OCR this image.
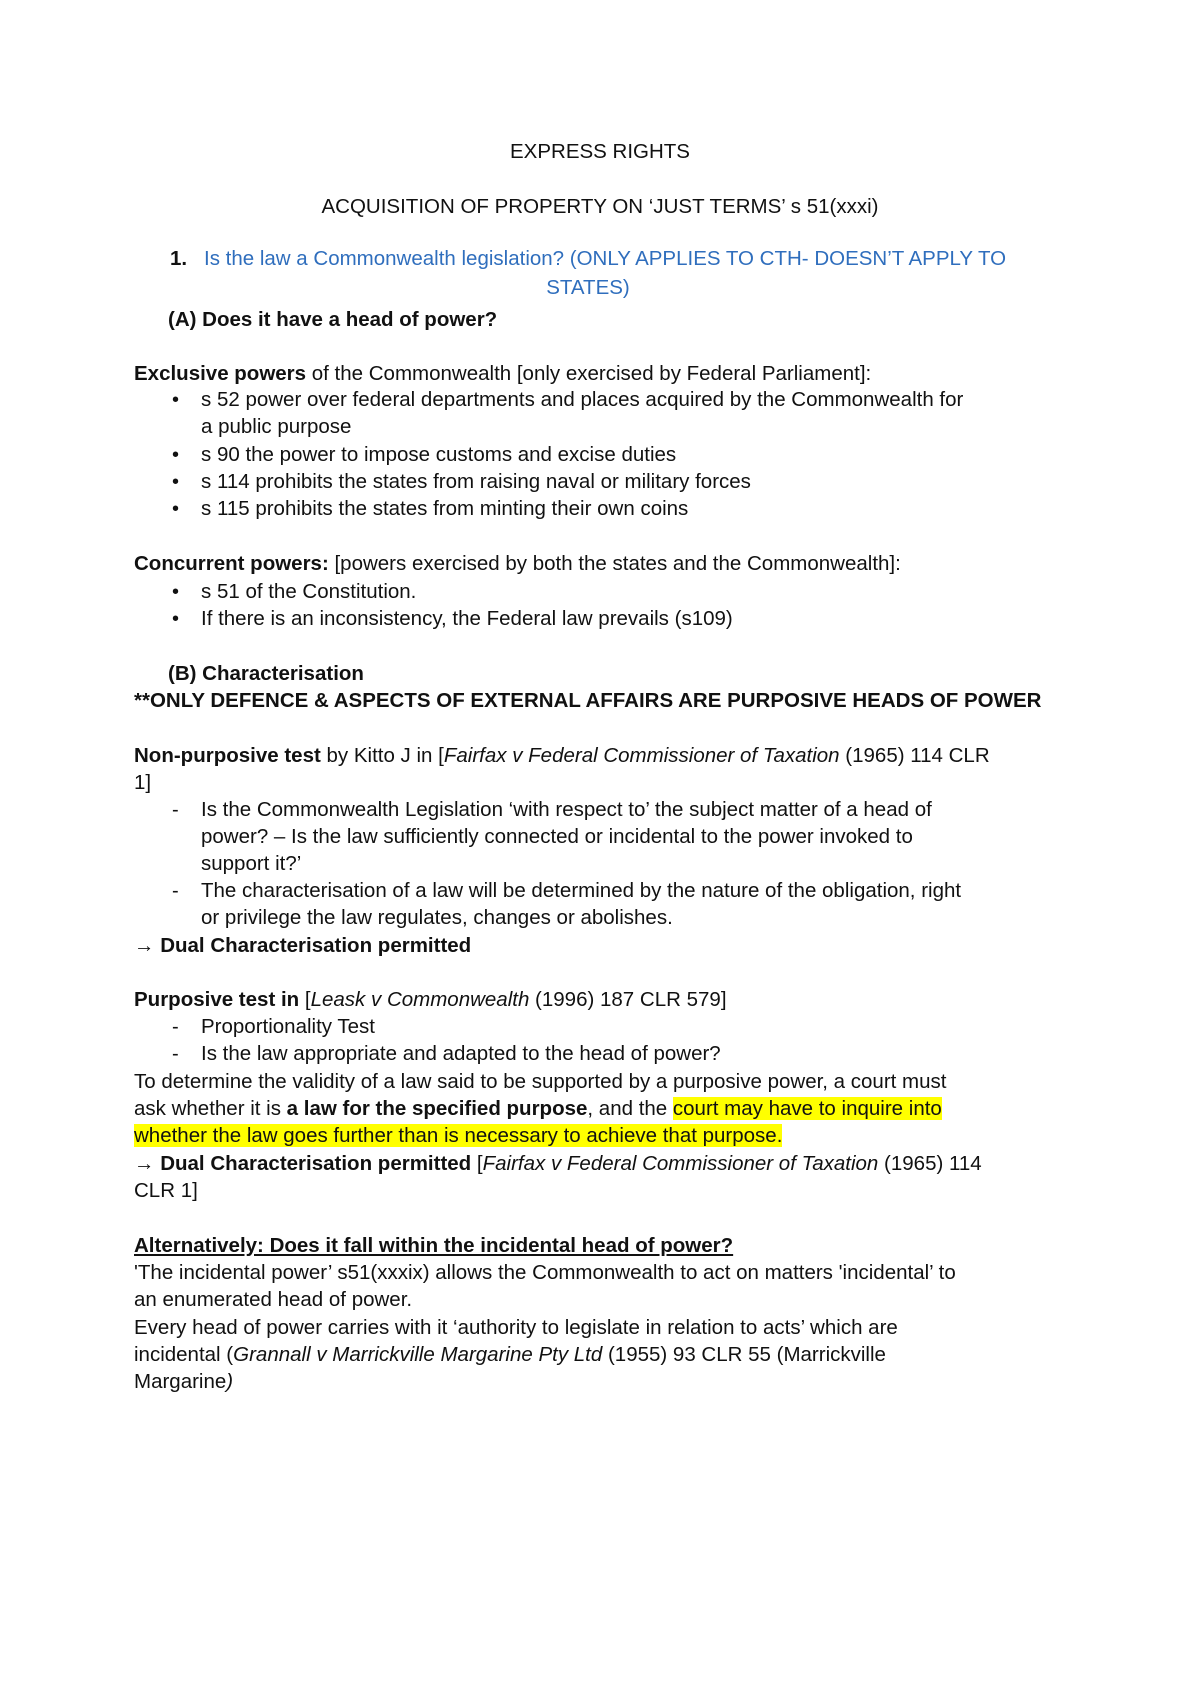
EXPRESS RIGHTS
ACQUISITION OF PROPERTY ON ‘JUST TERMS’ s 51(xxxi)
1. Is the law a Commonwealth legislation? (ONLY APPLIES TO CTH- DOESN’T APPLY TO
STATES)
(A) Does it have a head of power?
Exclusive powers of the Commonwealth [only exercised by Federal Parliament]:
• s 52 power over federal departments and places acquired by the Commonwealth for
a public purpose
• s 90 the power to impose customs and excise duties
• s 114 prohibits the states from raising naval or military forces
• s 115 prohibits the states from minting their own coins
Concurrent powers: [powers exercised by both the states and the Commonwealth]:
• s 51 of the Constitution.
• If there is an inconsistency, the Federal law prevails (s109)
(B) Characterisation
**ONLY DEFENCE & ASPECTS OF EXTERNAL AFFAIRS ARE PURPOSIVE HEADS OF POWER
Non-purposive test by Kitto J in [Fairfax v Federal Commissioner of Taxation (1965) 114 CLR
1]
- Is the Commonwealth Legislation ‘with respect to’ the subject matter of a head of
power? – Is the law sufficiently connected or incidental to the power invoked to
support it?’
- The characterisation of a law will be determined by the nature of the obligation, right
or privilege the law regulates, changes or abolishes.
→ Dual Characterisation permitted
Purposive test in [Leask v Commonwealth (1996) 187 CLR 579]
- Proportionality Test
- Is the law appropriate and adapted to the head of power?
To determine the validity of a law said to be supported by a purposive power, a court must
ask whether it is a law for the specified purpose, and the court may have to inquire into
whether the law goes further than is necessary to achieve that purpose.
→ Dual Characterisation permitted [Fairfax v Federal Commissioner of Taxation (1965) 114
CLR 1]
Alternatively: Does it fall within the incidental head of power?
'The incidental power’ s51(xxxix) allows the Commonwealth to act on matters 'incidental’ to
an enumerated head of power.
Every head of power carries with it ‘authority to legislate in relation to acts’ which are
incidental (Grannall v Marrickville Margarine Pty Ltd (1955) 93 CLR 55 (Marrickville
Margarine)
